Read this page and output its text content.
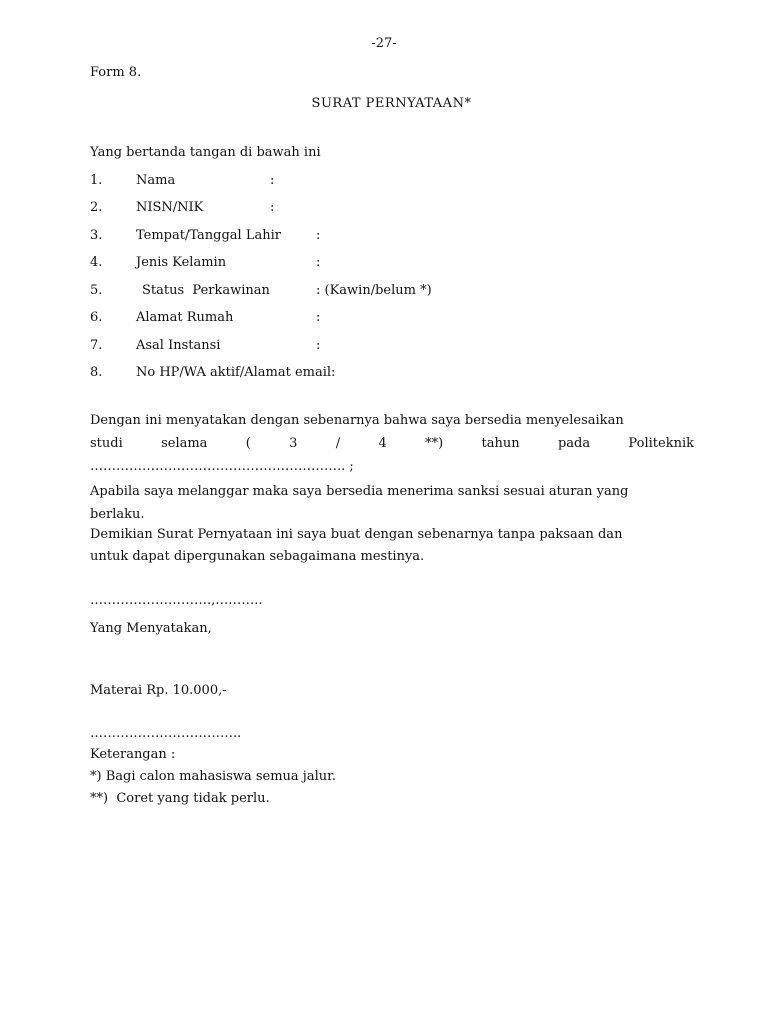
-27-
Form 8.
SURAT PERNYATAAN*
Yang bertanda tangan di bawah ini
1.	Nama	:
2.	NISN/NIK	:
3.	Tempat/Tanggal Lahir	:
4.	Jenis Kelamin	:
5.	Status  Perkawinan	: (Kawin/belum *)
6.	Alamat Rumah	:
7.	Asal Instansi	:
8.	No HP/WA aktif/Alamat email:
Dengan ini menyatakan dengan sebenarnya bahwa saya bersedia menyelesaikan
studi	selama	(	3	/	4	**)	tahun	pada	Politeknik
………………………………………………….. ;
Apabila saya melanggar maka saya bersedia menerima sanksi sesuai aturan yang
berlaku.
Demikian Surat Pernyataan ini saya buat dengan sebenarnya tanpa paksaan dan
untuk dapat dipergunakan sebagaimana mestinya.
……………………….,………..
Yang Menyatakan,
Materai Rp. 10.000,-
……………………………..
Keterangan :
*) Bagi calon mahasiswa semua jalur.
**)  Coret yang tidak perlu.
